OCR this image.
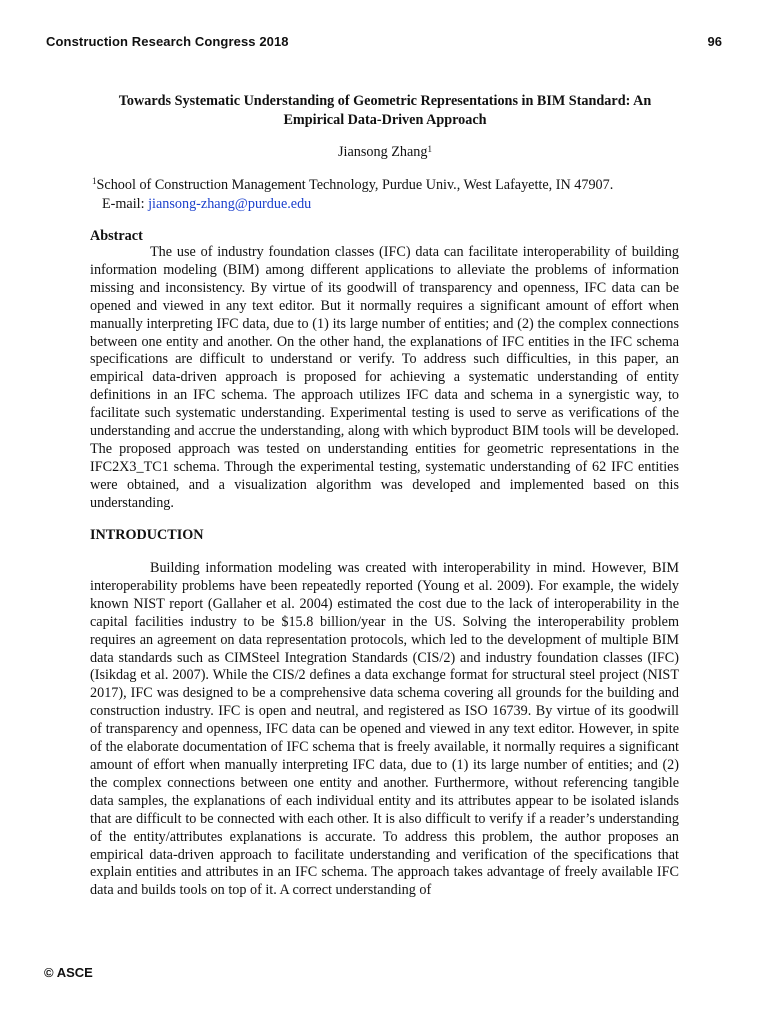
Construction Research Congress 2018	96
Towards Systematic Understanding of Geometric Representations in BIM Standard: An Empirical Data-Driven Approach
Jiansong Zhang$^1$
$^1$School of Construction Management Technology, Purdue Univ., West Lafayette, IN 47907.
E-mail: jiansong-zhang@purdue.edu
Abstract
The use of industry foundation classes (IFC) data can facilitate interoperability of building information modeling (BIM) among different applications to alleviate the problems of information missing and inconsistency. By virtue of its goodwill of transparency and openness, IFC data can be opened and viewed in any text editor. But it normally requires a significant amount of effort when manually interpreting IFC data, due to (1) its large number of entities; and (2) the complex connections between one entity and another. On the other hand, the explanations of IFC entities in the IFC schema specifications are difficult to understand or verify. To address such difficulties, in this paper, an empirical data-driven approach is proposed for achieving a systematic understanding of entity definitions in an IFC schema. The approach utilizes IFC data and schema in a synergistic way, to facilitate such systematic understanding. Experimental testing is used to serve as verifications of the understanding and accrue the understanding, along with which byproduct BIM tools will be developed. The proposed approach was tested on understanding entities for geometric representations in the IFC2X3_TC1 schema. Through the experimental testing, systematic understanding of 62 IFC entities were obtained, and a visualization algorithm was developed and implemented based on this understanding.
INTRODUCTION
Building information modeling was created with interoperability in mind. However, BIM interoperability problems have been repeatedly reported (Young et al. 2009). For example, the widely known NIST report (Gallaher et al. 2004) estimated the cost due to the lack of interoperability in the capital facilities industry to be $15.8 billion/year in the US. Solving the interoperability problem requires an agreement on data representation protocols, which led to the development of multiple BIM data standards such as CIMSteel Integration Standards (CIS/2) and industry foundation classes (IFC) (Isikdag et al. 2007). While the CIS/2 defines a data exchange format for structural steel project (NIST 2017), IFC was designed to be a comprehensive data schema covering all grounds for the building and construction industry. IFC is open and neutral, and registered as ISO 16739. By virtue of its goodwill of transparency and openness, IFC data can be opened and viewed in any text editor. However, in spite of the elaborate documentation of IFC schema that is freely available, it normally requires a significant amount of effort when manually interpreting IFC data, due to (1) its large number of entities; and (2) the complex connections between one entity and another. Furthermore, without referencing tangible data samples, the explanations of each individual entity and its attributes appear to be isolated islands that are difficult to be connected with each other. It is also difficult to verify if a reader’s understanding of the entity/attributes explanations is accurate. To address this problem, the author proposes an empirical data-driven approach to facilitate understanding and verification of the specifications that explain entities and attributes in an IFC schema. The approach takes advantage of freely available IFC data and builds tools on top of it. A correct understanding of
© ASCE
